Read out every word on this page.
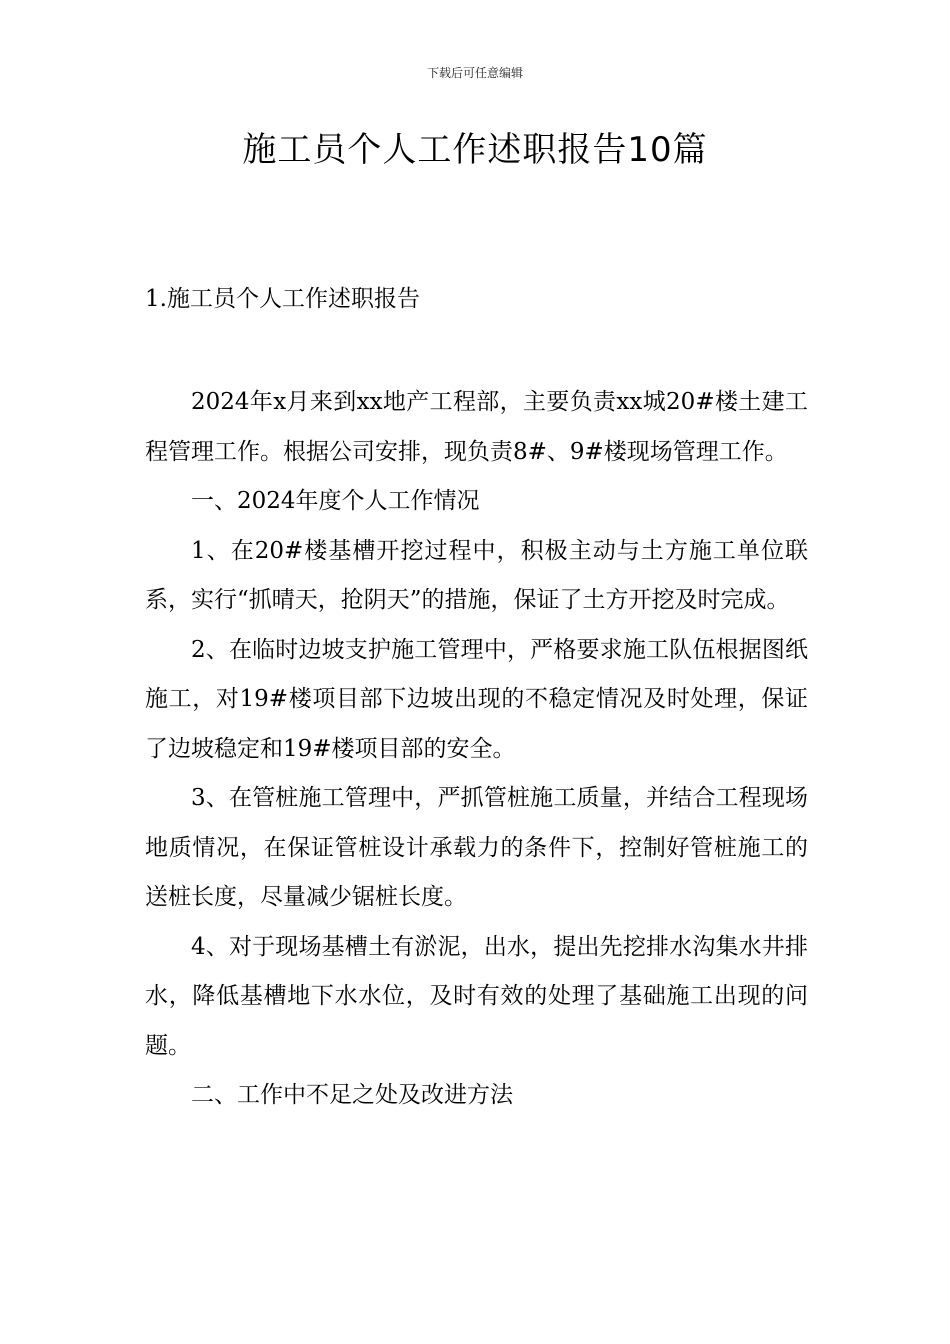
下载后可任意编辑
施工员个人工作述职报告10篇
1.施工员个人工作述职报告

2024年x月来到xx地产工程部，主要负责xx城20#楼土建工程管理工作。根据公司安排，现负责8#、9#楼现场管理工作。

一、2024年度个人工作情况

1、在20#楼基槽开挖过程中，积极主动与土方施工单位联系，实行“抓晴天，抢阴天”的措施，保证了土方开挖及时完成。

2、在临时边坡支护施工管理中，严格要求施工队伍根据图纸施工，对19#楼项目部下边坡出现的不稳定情况及时处理，保证了边坡稳定和19#楼项目部的安全。

3、在管桩施工管理中，严抓管桩施工质量，并结合工程现场地质情况，在保证管桩设计承载力的条件下，控制好管桩施工的送桩长度，尽量减少锯桩长度。

4、对于现场基槽土有淤泥，出水，提出先挖排水沟集水井排水，降低基槽地下水水位，及时有效的处理了基础施工出现的问题。

二、工作中不足之处及改进方法
